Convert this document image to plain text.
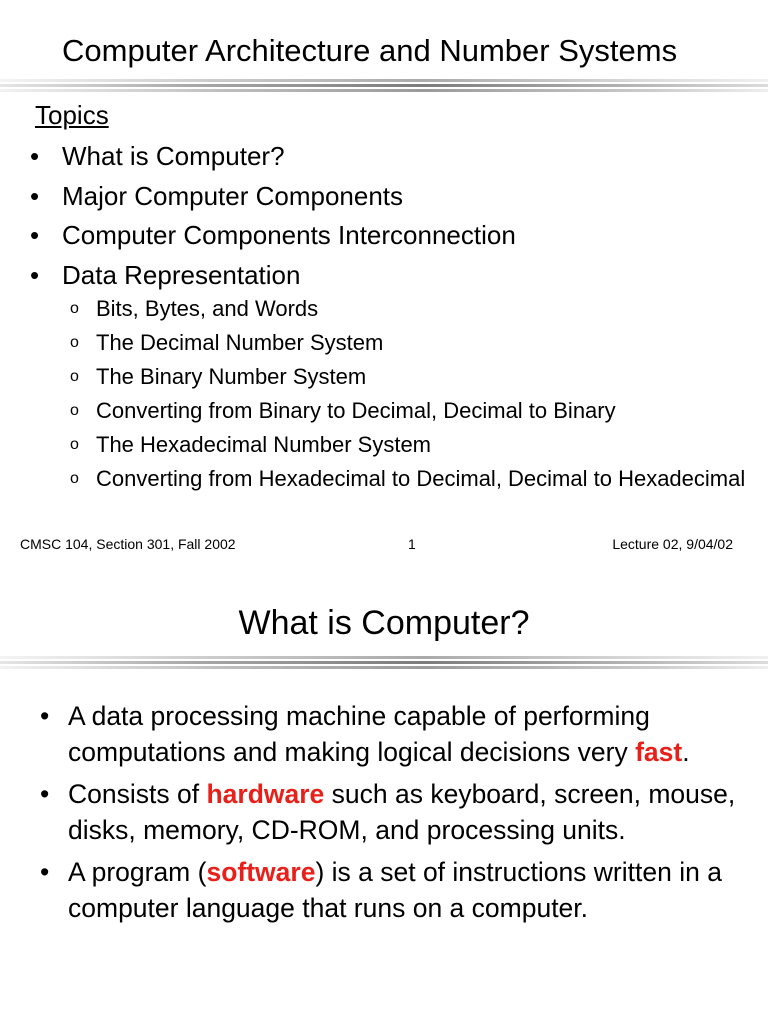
Computer Architecture and Number Systems
Topics
• What is Computer?
• Major Computer Components
• Computer Components Interconnection
• Data Representation
o Bits, Bytes, and Words
o The Decimal Number System
o The Binary Number System
o Converting from Binary to Decimal, Decimal to Binary
o The Hexadecimal Number System
o Converting from Hexadecimal to Decimal, Decimal to Hexadecimal
CMSC 104, Section 301, Fall 2002	1	Lecture 02, 9/04/02
What is Computer?
• A data processing machine capable of performing computations and making logical decisions very fast.
• Consists of hardware such as keyboard, screen, mouse, disks, memory, CD-ROM, and processing units.
• A program (software) is a set of instructions written in a computer language that runs on a computer.
